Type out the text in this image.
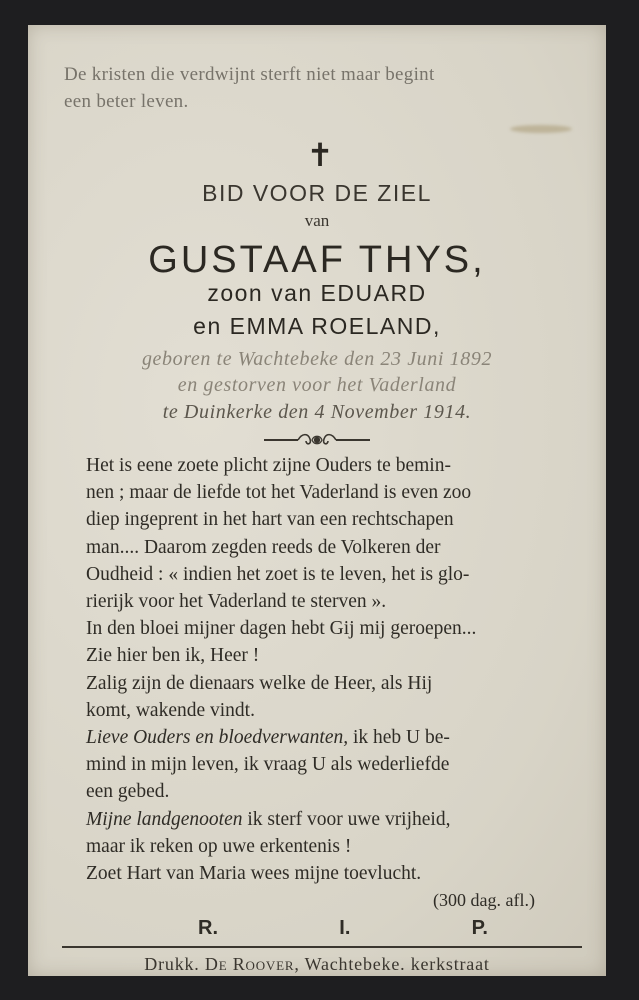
De kristen die verdwijnt sterft niet maar begint
een beter leven.
✝
BID VOOR DE ZIEL
van
GUSTAAF THYS,
zoon van EDUARD
en EMMA ROELAND,
geboren te Wachtebeke den 23 Juni 1892
en gestorven voor het Vaderland
te Duinkerke den 4 November 1914.

Het is eene zoete plicht zijne Ouders te bemin-
nen ; maar de liefde tot het Vaderland is even zoo
diep ingeprent in het hart van een rechtschapen
man.... Daarom zegden reeds de Volkeren der
Oudheid : « indien het zoet is te leven, het is glo-
rierijk voor het Vaderland te sterven ».

In den bloei mijner dagen hebt Gij mij geroepen...
Zie hier ben ik, Heer !

Zalig zijn de dienaars welke de Heer, als Hij
komt, wakende vindt.

Lieve Ouders en bloedverwanten, ik heb U be-
mind in mijn leven, ik vraag U als wederliefde
een gebed.

Mijne landgenooten ik sterf voor uwe vrijheid,
maar ik reken op uwe erkentenis !

Zoet Hart van Maria wees mijne toevlucht.

(300 dag. afl.)
R.	I.	P.
Drukk. De Roover, Wachtebeke. kerkstraat
